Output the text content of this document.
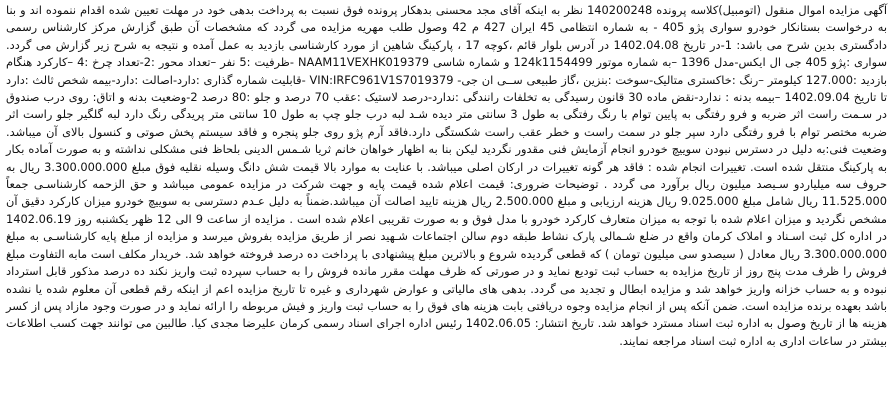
آگهی مزایده اموال منقول (اتومبیل)کلاسه پرونده 140200248 نظر به اینکه آقای مجد محسنی بدهکار پرونده فوق نسبت به پرداخت بدهی خود در مهلت تعیین شده اقدام ننموده اند و بنا به درخواست بستانکار خودرو سواری پژو 405 - به شماره انتظامی 45 ایران 427 م 42 وصول طلب مهریه مزایده می گردد که مشخصات آن طبق گزارش مرکز کارشناس رسمی دادگستری بدین شرح می باشد: 1-در تاریخ 1402.04.08 در آدرس بلوار قائم ،کوچه 17 ، پارکینگ شاهین از مورد کارشناسی بازدید به عمل آمده و نتیجه به شرح زیر گزارش می گردد. سواری :پژو 405 جی ال ایکس-مدل 1396 –به شماره موتور 124k1154499 و شماره شاسی NAAM11VEXHK019379 -ظرفیت :5 نفر –تعداد محور :2-تعداد چرخ :4 –کارکرد هنگام بازدید :127.000 کیلومتر –رنگ :خاکستری متالیک-سوخت :بنزین ،گاز طبیعی ســی ان جی- VIN:IRFC961V1S7019379 -قابلیت شماره گذاری :دارد-اصالت :دارد-بیمه شخص ثالث :دارد تا تاریخ 1402.09.04 –بیمه بدنه : ندارد-نقض ماده 30 قانون رسیدگی به تخلفات رانندگی :ندارد-درصد لاستیک :عقب 70 درصد و جلو :80 درصد 2-وضعیت بدنه و اتاق: روی درب صندوق در سـمت راست اثر ضربه و فرو رفتگی به پایین توام با رنگ رفتگی به طول 3 سانتی متر دیده شـد لبه درب جلو چپ به طول 10 سانتی متر پریدگی رنگ دارد لبه گلگیر جلو راست اثر ضربه مختصر توام با فرو رفتگی دارد سپر جلو در سمت راست و خطر عقب راست شکستگی دارد.فاقد آرم پژو روی جلو پنجره و فاقد سیستم پخش صوتی و کنسول بالای آن میباشد. وضعیت فنی:به دلیل در دسترس نبودن سوییچ خودرو انجام آزمایش فنی مقدور نگردید لیکن بنا به اظهار خواهان خانم ثریا شـمس الدینی بلحاظ فنی مشکلی نداشته و به صورت آماده بکار به پارکینگ منتقل شده است. تغییرات انجام شده : فاقد هر گونه تغییرات در ارکان اصلی میباشد. با عنایت به موارد بالا قیمت شش دانگ وسیله نقلیه فوق مبلغ 3.300.000.000 ریال به حروف سه میلیاردو سـیصد میلیون ریال برآورد می گردد . توضیحات ضروری: قیمت اعلام شده قیمت پایه و جهت شرکت در مزایده عمومی میباشد و حق الزحمه کارشناسـی جمعاً 11.525.000 ریال شامل مبلغ 9.025.000 ریال هزینه ارزیابی و مبلغ 2.500.000 ریال هزینه تایید اصالت آن میباشد.ضمناً به دلیل عـدم دسترسی به سوییچ خودرو میزان کارکرد دقیق آن مشخص نگردید و میزان اعلام شده با توجه به میزان متعارف کارکرد خودرو با مدل فوق و به صورت تقریبی اعلام شده است . مزایده از ساعت 9 الی 12 ظهر یکشنبه روز 1402.06.19 در اداره کل ثبت اسـناد و املاک کرمان واقع در ضلع شـمالی پارک نشاط طبقه دوم سالن اجتماعات شـهید نصر از طریق مزایده بفروش میرسد و مزایده از مبلغ پایه کارشناسـی به مبلغ 3.300.000.000 ریال معادل ( سیصدو سی میلیون تومان ) که قطعی گردیده شروع و بالاترین مبلغ پیشنهادی با پرداخت ده درصد فروخته خواهد شد. خریدار مکلف است مابه التفاوت مبلغ فروش را ظرف مدت پنج روز از تاریخ مزایده به حساب ثبت تودیع نماید و در صورتی که ظرف مهلت مقرر مانده فروش را به حساب سپرده ثبت واریز نکند ده درصد مذکور قابل استرداد نبوده و به حساب خزانه واریز خواهد شد و مزایده ابطال و تجدید می گردد. بدهی های مالیاتی و عوارض شهرداری و غیره تا تاریخ مزایده اعم از اینکه رقم قطعی آن معلوم شده یا نشده باشد بعهده برنده مزایده است. ضمن آنکه پس از انجام مزایده وجوه دریافتی بابت هزینه های فوق را به حساب ثبت واریز و فیش مربوطه را ارائه نماید و در صورت وجود مازاد پس از کسر هزینه ها از تاریخ وصول به اداره ثبت اسناد مسترد خواهد شد. تاریخ انتشار: 1402.06.05 رئیس اداره اجرای اسناد رسمی کرمان علیرضا مجدی کیا. طالبین می توانند جهت کسب اطلاعات بیشتر در ساعات اداری به اداره ثبت اسناد مراجعه نمایند.
